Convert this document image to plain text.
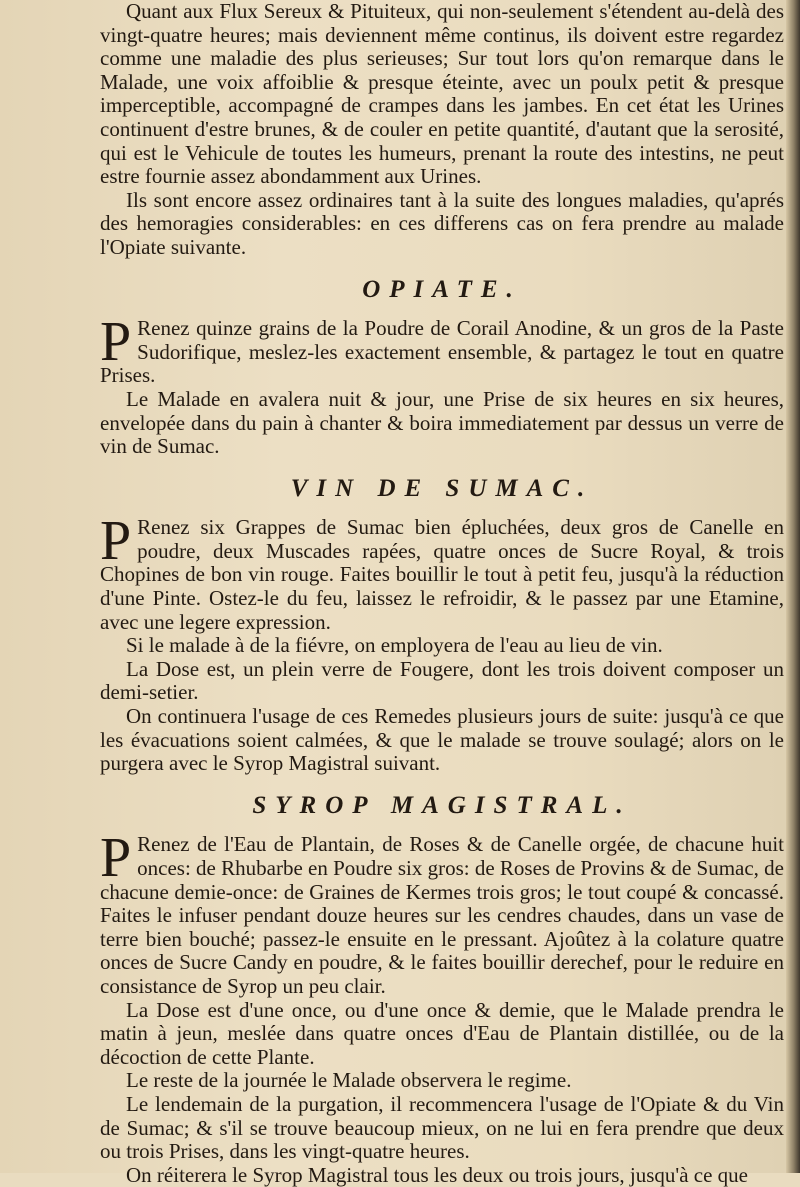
Quant aux Flux Sereux & Pituiteux, qui non-seulement s'étendent au-delà des vingt-quatre heures; mais deviennent même continus, ils doivent estre regardez comme une maladie des plus serieuses; Sur tout lors qu'on remarque dans le Malade, une voix affoiblie & presque éteinte, avec un poulx petit & presque imperceptible, accompagné de crampes dans les jambes. En cet état les Urines continuent d'estre brunes, & de couler en petite quantité, d'autant que la serosité, qui est le Vehicule de toutes les humeurs, prenant la route des intestins, ne peut estre fournie assez abondamment aux Urines.

Ils sont encore assez ordinaires tant à la suite des longues maladies, qu'aprés des hemoragies considerables: en ces differens cas on fera prendre au malade l'Opiate suivante.

OPIATE.

P Renez quinze grains de la Poudre de Corail Anodine, & un gros de la Paste Sudorifique, meslez-les exactement ensemble, & partagez le tout en quatre Prises.

Le Malade en avalera nuit & jour, une Prise de six heures en six heures, envelopée dans du pain à chanter & boira immediatement par dessus un verre de vin de Sumac.

VIN DE SUMAC.

P Renez six Grappes de Sumac bien épluchées, deux gros de Canelle en poudre, deux Muscades rapées, quatre onces de Sucre Royal, & trois Chopines de bon vin rouge. Faites bouillir le tout à petit feu, jusqu'à la réduction d'une Pinte. Ostez-le du feu, laissez le refroidir, & le passez par une Etamine, avec une legere expression.

Si le malade à de la fiévre, on employera de l'eau au lieu de vin.

La Dose est, un plein verre de Fougere, dont les trois doivent composer un demi-setier.

On continuera l'usage de ces Remedes plusieurs jours de suite: jusqu'à ce que les évacuations soient calmées, & que le malade se trouve soulagé; alors on le purgera avec le Syrop Magistral suivant.

SYROP MAGISTRAL.

P Renez de l'Eau de Plantain, de Roses & de Canelle orgée, de chacune huit onces: de Rhubarbe en Poudre six gros: de Roses de Provins & de Sumac, de chacune demie-once: de Graines de Kermes trois gros; le tout coupé & concassé. Faites le infuser pendant douze heures sur les cendres chaudes, dans un vase de terre bien bouché; passez-le ensuite en le pressant. Ajoûtez à la colature quatre onces de Sucre Candy en poudre, & le faites bouillir derechef, pour le reduire en consistance de Syrop un peu clair.

La Dose est d'une once, ou d'une once & demie, que le Malade prendra le matin à jeun, meslée dans quatre onces d'Eau de Plantain distillée, ou de la décoction de cette Plante.

Le reste de la journée le Malade observera le regime.

Le lendemain de la purgation, il recommencera l'usage de l'Opiate & du Vin de Sumac; & s'il se trouve beaucoup mieux, on ne lui en fera prendre que deux ou trois Prises, dans les vingt-quatre heures.

On réiterera le Syrop Magistral tous les deux ou trois jours, jusqu'à ce que
